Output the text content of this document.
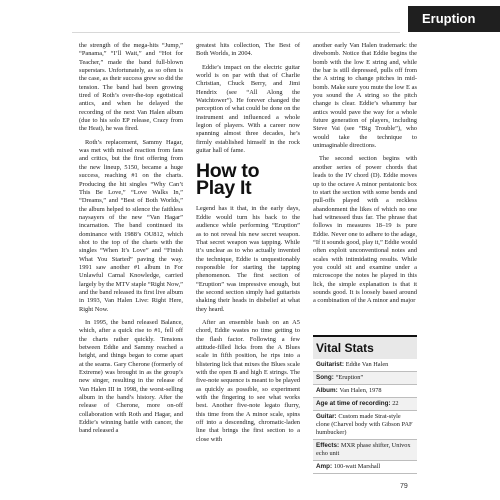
Eruption

the strength of the mega-hits “Jump,” “Panama,” “I’ll Wait,” and “Hot for Teacher,” made the band full-blown superstars. Unfortunately, as so often is the case, as their success grew so did the tension. The band had been growing tired of Roth’s over-the-top egotistical antics, and when he delayed the recording of the next Van Halen album (due to his solo EP release, Crazy from the Heat), he was fired.

Roth’s replacement, Sammy Hagar, was met with mixed reaction from fans and critics, but the first offering from the new lineup, 5150, became a huge success, reaching #1 on the charts. Producing the hit singles “Why Can’t This Be Love,” “Love Walks In,” “Dreams,” and “Best of Both Worlds,” the album helped to silence the faithless naysayers of the new “Van Hagar” incarnation. The band continued its dominance with 1988’s OU812, which shot to the top of the charts with the singles “When It’s Love” and “Finish What You Started” paving the way. 1991 saw another #1 album in For Unlawful Carnal Knowledge, carried largely by the MTV staple “Right Now,” and the band released its first live album in 1993, Van Halen Live: Right Here, Right Now.

In 1995, the band released Balance, which, after a quick rise to #1, fell off the charts rather quickly. Tensions between Eddie and Sammy reached a height, and things began to come apart at the seams. Gary Cherone (formerly of Extreme) was brought in as the group’s new singer, resulting in the release of Van Halen III in 1998, the worst-selling album in the band’s history. After the release of Cherone, more on-off collaboration with Roth and Hagar, and Eddie’s winning battle with cancer, the band released a

greatest hits collection, The Best of Both Worlds, in 2004.

Eddie’s impact on the electric guitar world is on par with that of Charlie Christian, Chuck Berry, and Jimi Hendrix (see “All Along the Watchtower”). He forever changed the perception of what could be done on the instrument and influenced a whole legion of players. With a career now spanning almost three decades, he’s firmly established himself in the rock guitar hall of fame.

How to Play It

Legend has it that, in the early days, Eddie would turn his back to the audience while performing “Eruption” as to not reveal his new secret weapon. That secret weapon was tapping. While it’s unclear as to who actually invented the technique, Eddie is unquestionably responsible for starting the tapping phenomenon. The first section of “Eruption” was impressive enough, but the second section simply had guitarists shaking their heads in disbelief at what they heard.

After an ensemble bash on an A5 chord, Eddie wastes no time getting to the flash factor. Following a few attitude-filled licks from the A Blues scale in fifth position, he rips into a blistering lick that mixes the Blues scale with the open B and high E strings. The five-note sequence is meant to be played as quickly as possible, so experiment with the fingering to see what works best. Another five-note legato flurry, this time from the A minor scale, spins off into a descending, chromatic-laden line that brings the first section to a close with

another early Van Halen trademark: the divebomb. Notice that Eddie begins the bomb with the low E string and, while the bar is still depressed, pulls off from the A string to change pitches in mid-bomb. Make sure you mute the low E as you sound the A string so the pitch change is clear. Eddie’s whammy bar antics would pave the way for a whole future generation of players, including Steve Vai (see “Big Trouble”), who would take the technique to unimaginable directions.

The second section begins with another series of power chords that leads to the IV chord (D). Eddie moves up to the octave A minor pentatonic box to start the section with some bends and pull-offs played with a reckless abandonment the likes of which no one had witnessed thus far. The phrase that follows in measures 18–19 is pure Eddie. Never one to adhere to the adage, “If it sounds good, play it,” Eddie would often exploit unconventional notes and scales with intimidating results. While you could sit and examine under a microscope the notes he played in this lick, the simple explanation is that it sounds good. It is loosely based around a combination of the A minor and major

Vital Stats
Guitarist: Eddie Van Halen
Song: “Eruption”
Album: Van Halen, 1978
Age at time of recording: 22
Guitar: Custom made Strat-style clone (Charvel body with Gibson PAF humbucker)
Effects: MXR phase shifter, Univox echo unit
Amp: 100-watt Marshall
79
